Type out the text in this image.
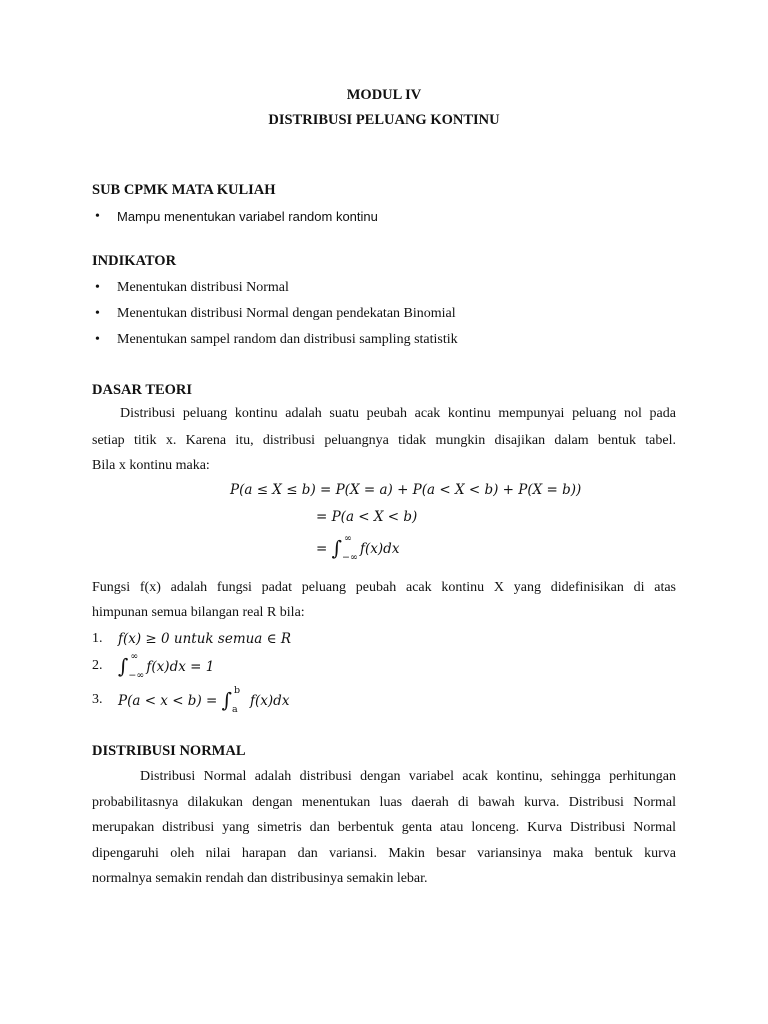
MODUL IV
DISTRIBUSI PELUANG KONTINU
SUB CPMK MATA KULIAH
• Mampu menentukan variabel random kontinu
INDIKATOR
• Menentukan distribusi Normal
• Menentukan distribusi Normal dengan pendekatan Binomial
• Menentukan sampel random dan distribusi sampling statistik
DASAR TEORI
Distribusi peluang kontinu adalah suatu peubah acak kontinu mempunyai peluang nol pada
setiap titik x. Karena itu, distribusi peluangnya tidak mungkin disajikan dalam bentuk tabel.
Bila x kontinu maka:
P(a ≤ X ≤ b) = P(X = a) + P(a < X < b) + P(X = b))
= P(a < X < b)
= ∫ ∞
−∞ f(x)dx
Fungsi f(x) adalah fungsi padat peluang peubah acak kontinu X yang didefinisikan di atas
himpunan semua bilangan real R bila:
1. f(x) ≥ 0 untuk semua ∈ R
2. ∫ ∞
−∞ f(x)dx = 1
3. P(a < x < b) = ∫ b
a f(x)dx
DISTRIBUSI NORMAL
Distribusi Normal adalah distribusi dengan variabel acak kontinu, sehingga perhitungan
probabilitasnya dilakukan dengan menentukan luas daerah di bawah kurva. Distribusi Normal
merupakan distribusi yang simetris dan berbentuk genta atau lonceng. Kurva Distribusi Normal
dipengaruhi oleh nilai harapan dan variansi. Makin besar variansinya maka bentuk kurva
normalnya semakin rendah dan distribusinya semakin lebar.
